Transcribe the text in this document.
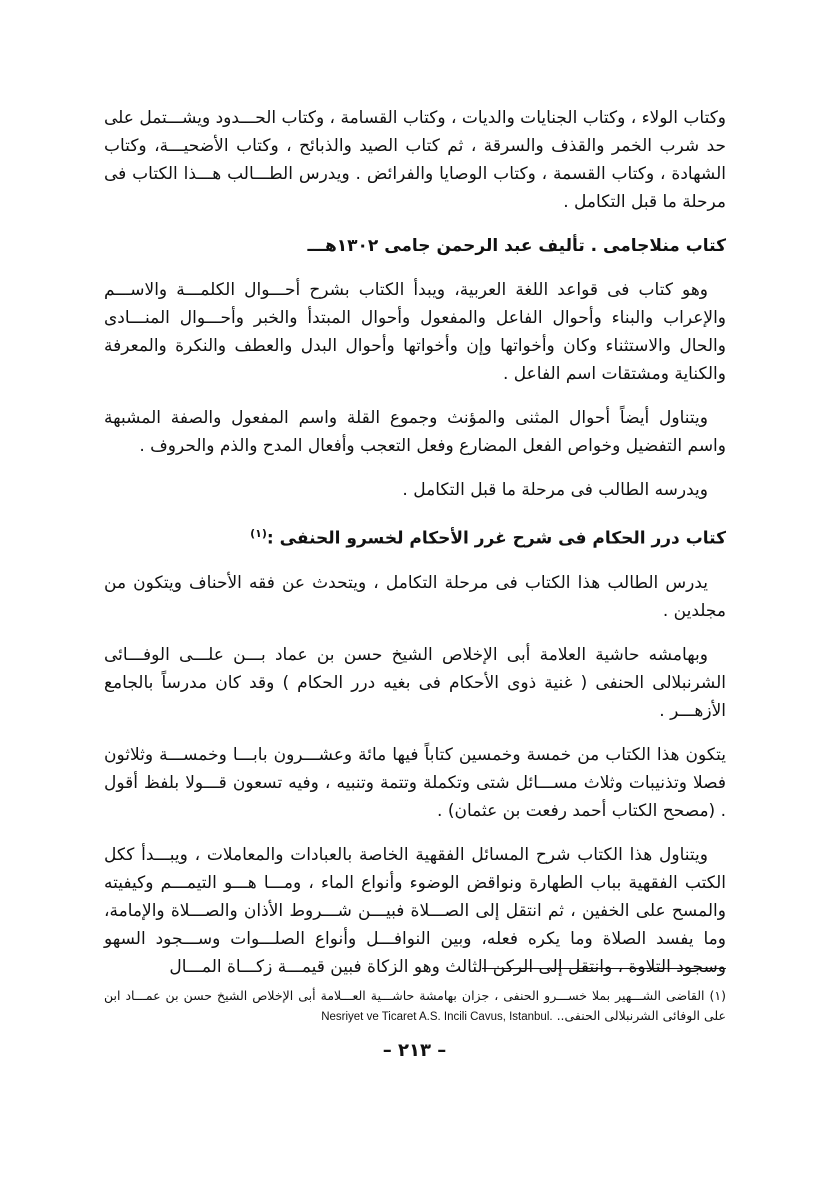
وكتاب الولاء ، وكتاب الجنايات والديات ، وكتاب القسامة ، وكتاب الحـــدود ويشـــتمل على حد شرب الخمر والقذف والسرقة ، ثم كتاب الصيد والذبائح ، وكتاب الأضحيـــة، وكتاب الشهادة ، وكتاب القسمة ، وكتاب الوصايا والفرائض . ويدرس الطـــالب هـــذا الكتاب فى مرحلة ما قبل التكامل .

كتاب منلاجامى . تأليف عبد الرحمن جامى ١٣٠٢هـــ

وهو كتاب فى قواعد اللغة العربية، ويبدأ الكتاب بشرح أحـــوال الكلمـــة والاســـم والإعراب والبناء وأحوال الفاعل والمفعول وأحوال المبتدأ والخبر وأحـــوال المنـــادى والحال والاستثناء وكان وأخواتها وإن وأخواتها وأحوال البدل والعطف والنكرة والمعرفة والكناية ومشتقات اسم الفاعل .

ويتناول أيضاً أحوال المثنى والمؤنث وجموع القلة واسم المفعول والصفة المشبهة واسم التفضيل وخواص الفعل المضارع وفعل التعجب وأفعال المدح والذم والحروف .

ويدرسه الطالب فى مرحلة ما قبل التكامل .

كتاب درر الحكام فى شرح غرر الأحكام لخسرو الحنفى :$^{(١)}$

يدرس الطالب هذا الكتاب فى مرحلة التكامل ، ويتحدث عن فقه الأحناف ويتكون من مجلدين .

وبهامشه حاشية العلامة أبى الإخلاص الشيخ حسن بن عماد بـــن علـــى الوفـــائى الشرنبلالى الحنفى ( غنية ذوى الأحكام فى بغيه درر الحكام ) وقد كان مدرساً بالجامع الأزهـــر .

يتكون هذا الكتاب من خمسة وخمسين كتاباً فيها مائة وعشـــرون بابـــا وخمســـة وثلاثون فصلا وتذنيبات وثلاث مســـائل شتى وتكملة وتتمة وتنبيه ، وفيه تسعون قـــولا بلفظ أقول . (مصحح الكتاب أحمد رفعت بن عثمان) .

ويتناول هذا الكتاب شرح المسائل الفقهية الخاصة بالعبادات والمعاملات ، ويبـــدأ ككل الكتب الفقهية بباب الطهارة ونواقض الوضوء وأنواع الماء ، ومـــا هـــو التيمـــم وكيفيته والمسح على الخفين ، ثم انتقل إلى الصـــلاة فبيـــن شـــروط الأذان والصـــلاة والإمامة، وما يفسد الصلاة وما يكره فعله، وبين النوافـــل وأنواع الصلـــوات وســـجود السهو وسجود التلاوة ، وانتقل إلى الركن الثالث وهو الزكاة فبين قيمـــة زكـــاة المـــال

(١) القاضى الشـــهير بملا خســـرو الحنفى ، جزان بهامشة حاشـــية العـــلامة أبى الإخلاص الشيخ حسن بن عمـــاد ابن على الوفائى الشرنبلالى الحنفى.. Nesriyet ve Ticaret A.S. Incili Cavus, Istanbul.
– ٢١٣ –
